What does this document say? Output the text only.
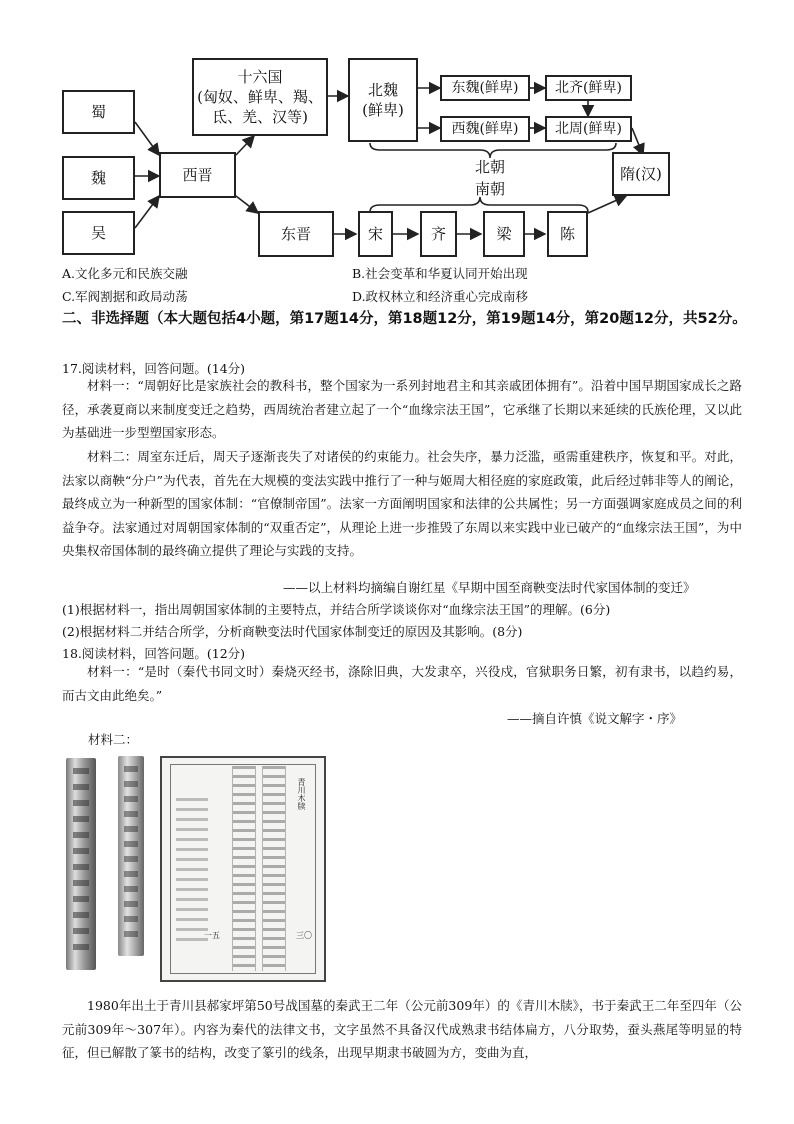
蜀
魏
吴
西晋
十六国
(匈奴、鲜卑、羯、
氐、羌、汉等)
北魏
(鲜卑)
东魏(鲜卑)	北齐(鲜卑)
西魏(鲜卑)	北周(鲜卑)
北朝
南朝
隋(汉)
东晋	宋	齐	梁	陈
A.文化多元和民族交融	B.社会变革和华夏认同开始出现
C.军阀割据和政局动荡	D.政权林立和经济重心完成南移
二、非选择题（本大题包括4小题，第17题14分，第18题12分，第19题14分，第20题12分，共52分。
17.阅读材料，回答问题。(14分)
材料一：“周朝好比是家族社会的教科书，整个国家为一系列封地君主和其亲戚团体拥有”。沿着中国早期国家成长之路径，承袭夏商以来制度变迁之趋势，西周统治者建立起了一个“血缘宗法王国”，它承继了长期以来延续的氏族伦理，又以此为基础进一步型塑国家形态。
材料二：周室东迁后，周天子逐渐丧失了对诸侯的约束能力。社会失序，暴力泛滥，亟需重建秩序，恢复和平。对此，法家以商鞅“分户”为代表，首先在大规模的变法实践中推行了一种与姬周大相径庭的家庭政策，此后经过韩非等人的阐论，最终成立为一种新型的国家体制：“官僚制帝国”。法家一方面阐明国家和法律的公共属性；另一方面强调家庭成员之间的利益争夺。法家通过对周朝国家体制的“双重否定”，从理论上进一步推毁了东周以来实践中业已破产的“血缘宗法王国”，为中央集权帝国体制的最终确立提供了理论与实践的支持。
——以上材料均摘编自谢红星《早期中国至商鞅变法时代家国体制的变迁》
(1)根据材料一，指出周朝国家体制的主要特点，并结合所学谈谈你对“血缘宗法王国”的理解。(6分)
(2)根据材料二并结合所学，分析商鞅变法时代国家体制变迁的原因及其影响。(8分)
18.阅读材料，回答问题。(12分)
材料一：“是时（秦代书同文时）秦烧灭经书，涤除旧典，大发隶卒，兴役戍，官狱职务日繁，初有隶书，以趋约易，而古文由此绝矣。”
——摘自许慎《说文解字・序》
材料二：
青川木牍
一五	三〇
1980年出土于青川县郝家坪第50号战国墓的秦武王二年（公元前309年）的《青川木牍》，书于秦武王二年至四年（公元前309年～307年）。内容为秦代的法律文书，文字虽然不具备汉代成熟隶书结体扁方，八分取势，蚕头燕尾等明显的特征，但已解散了篆书的结构，改变了篆引的线条，出现早期隶书破圆为方，变曲为直，
